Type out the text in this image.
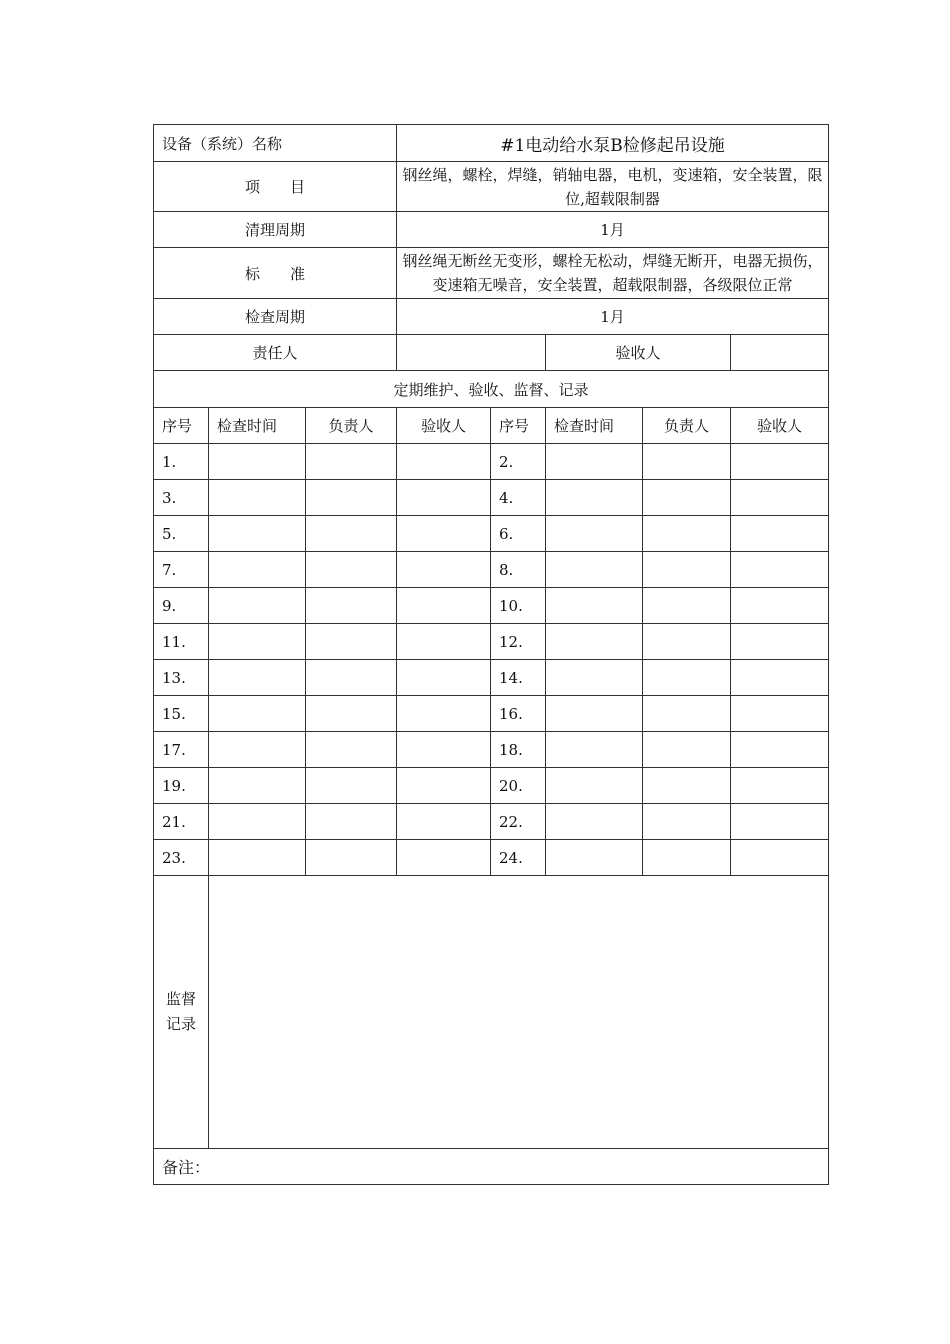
设备（系统）名称			#1电动给水泵B检修起吊设施				
项　　目			钢丝绳，螺栓，焊缝，销轴电器，电机，变速箱，安全装置，限位,超载限制器				
清理周期			1月				
标　　准			钢丝绳无断丝无变形，螺栓无松动，焊缝无断开，电器无损伤，变速箱无噪音，安全装置，超载限制器，各级限位正常				
检查周期			1月				
责任人					验收人		
定期维护、验收、监督、记录							
序号	检查时间	负责人	验收人	序号	检查时间	负责人	验收人
1.				2.			
3.				4.			
5.				6.			
7.				8.			
9.				10.			
11.				12.			
13.				14.			
15.				16.			
17.				18.			
19.				20.			
21.				22.			
23.				24.			

监督
记录							

备注：							
